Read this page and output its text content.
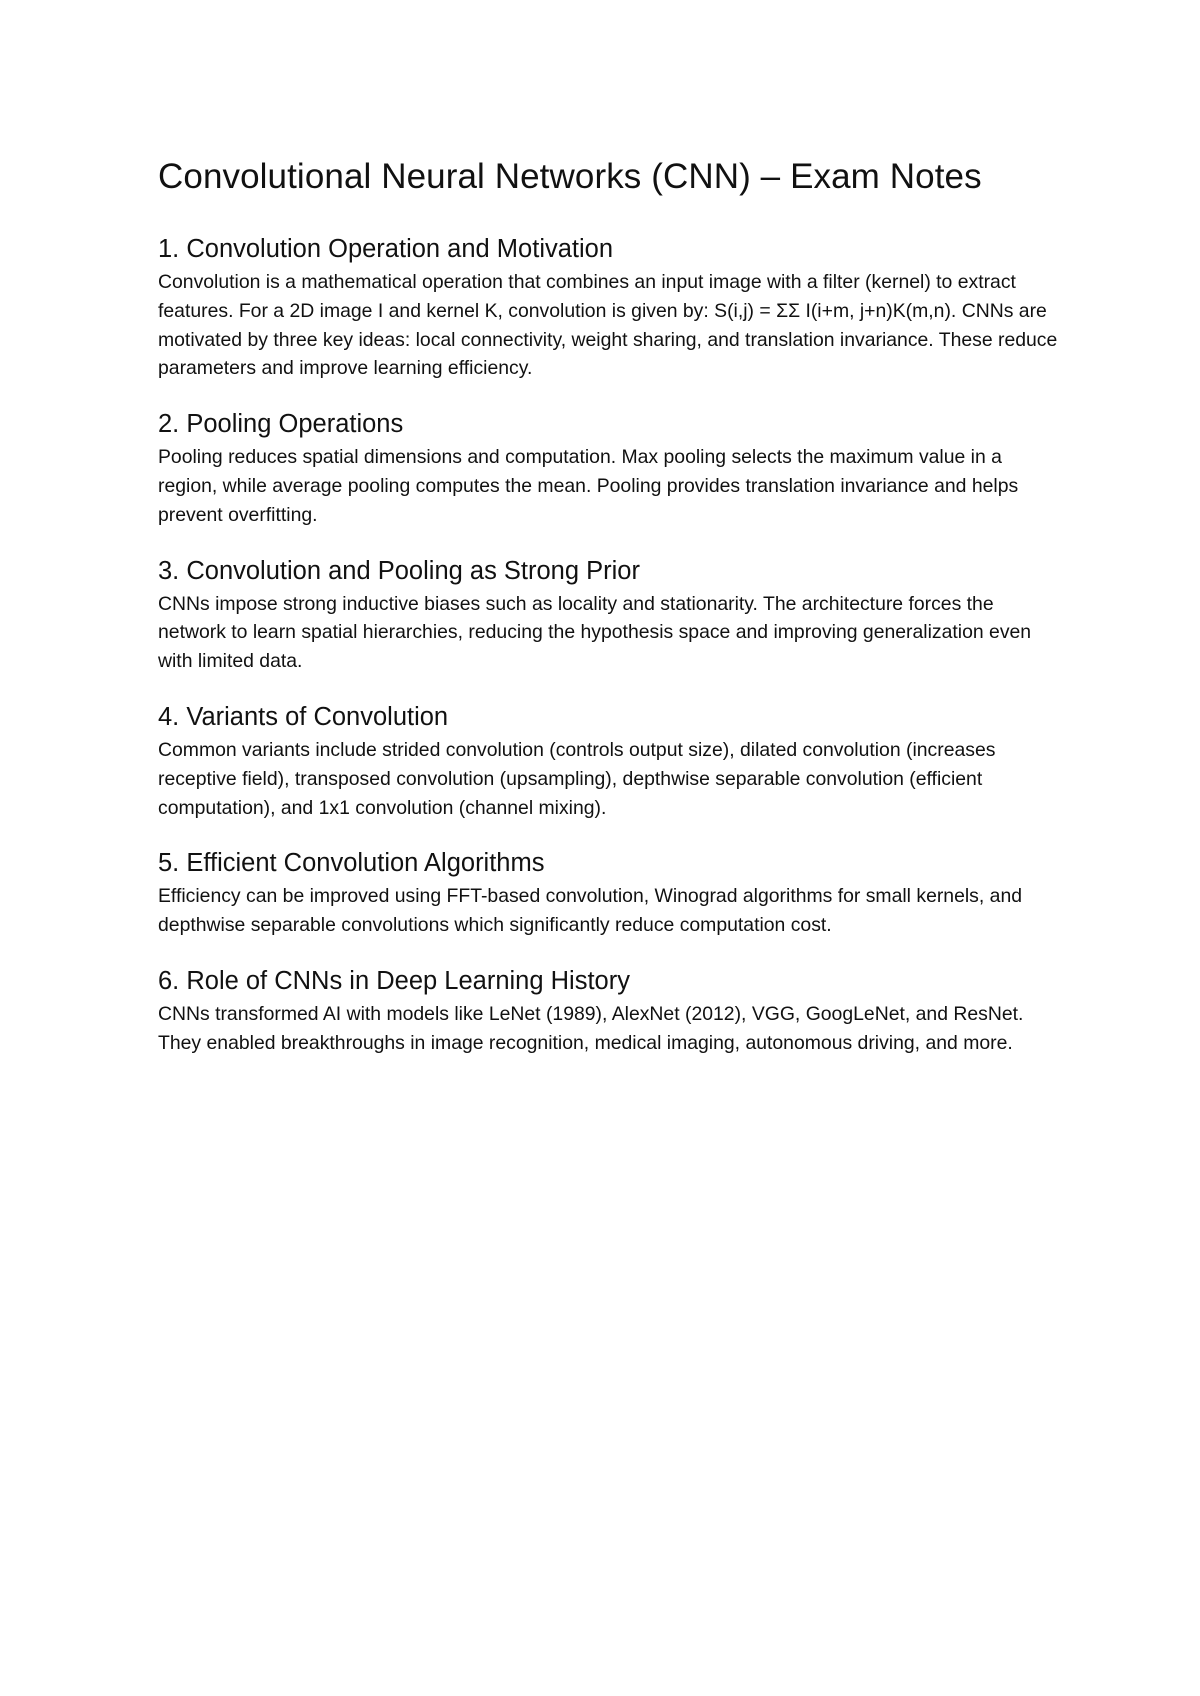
Convolutional Neural Networks (CNN) – Exam Notes
1. Convolution Operation and Motivation

Convolution is a mathematical operation that combines an input image with a filter (kernel) to extract features. For a 2D image I and kernel K, convolution is given by: S(i,j) = ΣΣ I(i+m, j+n)K(m,n). CNNs are motivated by three key ideas: local connectivity, weight sharing, and translation invariance. These reduce parameters and improve learning efficiency.

2. Pooling Operations

Pooling reduces spatial dimensions and computation. Max pooling selects the maximum value in a region, while average pooling computes the mean. Pooling provides translation invariance and helps prevent overfitting.

3. Convolution and Pooling as Strong Prior

CNNs impose strong inductive biases such as locality and stationarity. The architecture forces the network to learn spatial hierarchies, reducing the hypothesis space and improving generalization even with limited data.

4. Variants of Convolution

Common variants include strided convolution (controls output size), dilated convolution (increases receptive field), transposed convolution (upsampling), depthwise separable convolution (efficient computation), and 1x1 convolution (channel mixing).

5. Efficient Convolution Algorithms

Efficiency can be improved using FFT-based convolution, Winograd algorithms for small kernels, and depthwise separable convolutions which significantly reduce computation cost.

6. Role of CNNs in Deep Learning History

CNNs transformed AI with models like LeNet (1989), AlexNet (2012), VGG, GoogLeNet, and ResNet. They enabled breakthroughs in image recognition, medical imaging, autonomous driving, and more.
